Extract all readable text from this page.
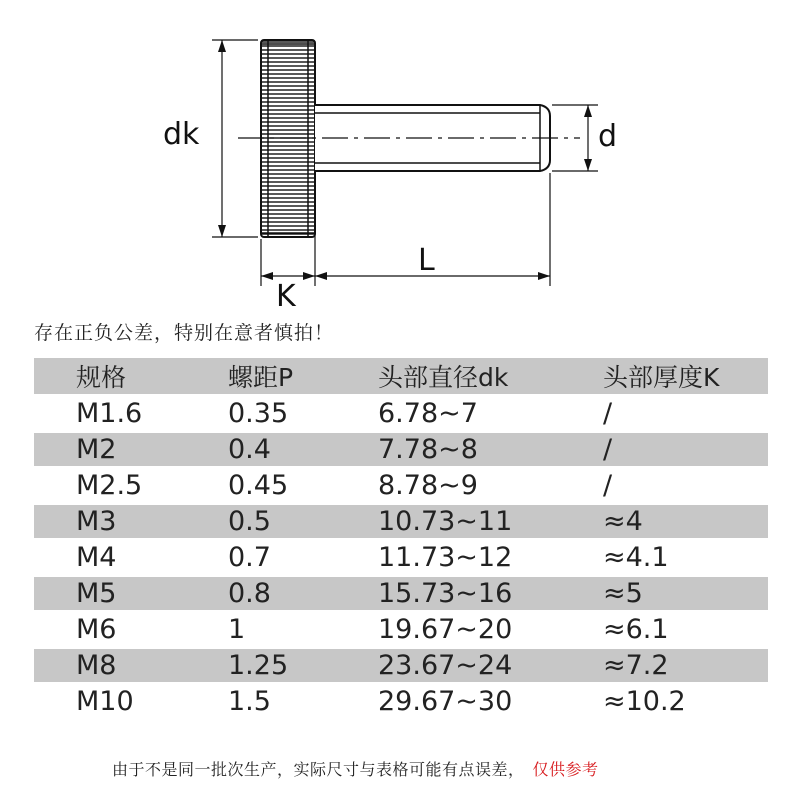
dk	d
L
K
存在正负公差，特别在意者慎拍！
规格	螺距P	头部直径dk	头部厚度K
M1.6	0.35	6.78~7	/
M2	0.4	7.78~8	/
M2.5	0.45	8.78~9	/
M3	0.5	10.73~11	≈4
M4	0.7	11.73~12	≈4.1
M5	0.8	15.73~16	≈5
M6	1	19.67~20	≈6.1
M8	1.25	23.67~24	≈7.2
M10	1.5	29.67~30	≈10.2
由于不是同一批次生产，实际尺寸与表格可能有点误差， 仅供参考
